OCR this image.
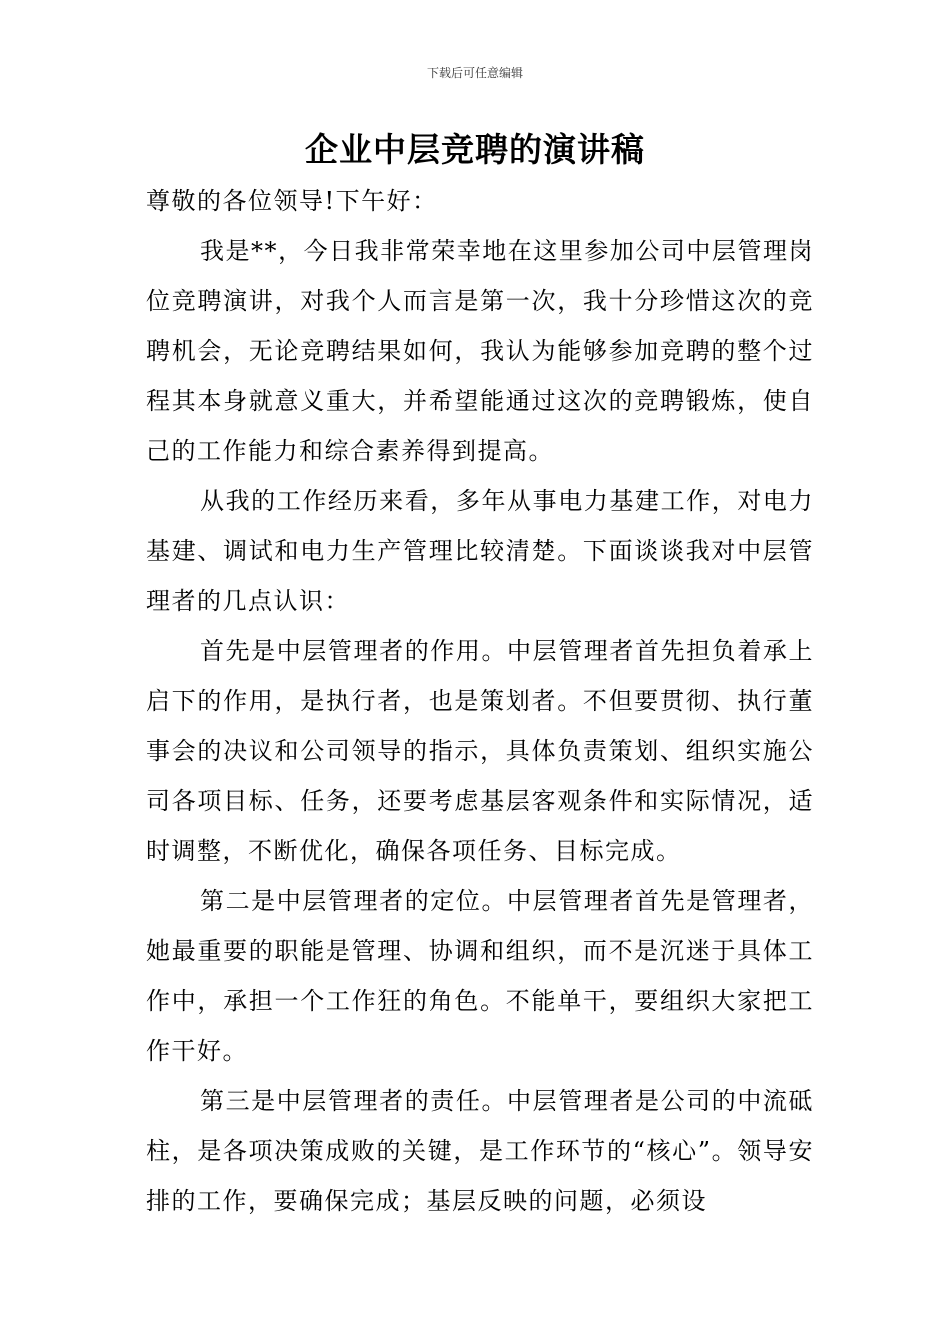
下载后可任意编辑
企业中层竞聘的演讲稿

尊敬的各位领导!下午好：

我是**，今日我非常荣幸地在这里参加公司中层管理岗位竞聘演讲，对我个人而言是第一次，我十分珍惜这次的竞聘机会，无论竞聘结果如何，我认为能够参加竞聘的整个过程其本身就意义重大，并希望能通过这次的竞聘锻炼，使自己的工作能力和综合素养得到提高。

从我的工作经历来看，多年从事电力基建工作，对电力基建、调试和电力生产管理比较清楚。下面谈谈我对中层管理者的几点认识：

首先是中层管理者的作用。中层管理者首先担负着承上启下的作用，是执行者，也是策划者。不但要贯彻、执行董事会的决议和公司领导的指示，具体负责策划、组织实施公司各项目标、任务，还要考虑基层客观条件和实际情况，适时调整，不断优化，确保各项任务、目标完成。

第二是中层管理者的定位。中层管理者首先是管理者，她最重要的职能是管理、协调和组织，而不是沉迷于具体工作中，承担一个工作狂的角色。不能单干，要组织大家把工作干好。

第三是中层管理者的责任。中层管理者是公司的中流砥柱，是各项决策成败的关键，是工作环节的“核心”。领导安排的工作，要确保完成；基层反映的问题，必须设
